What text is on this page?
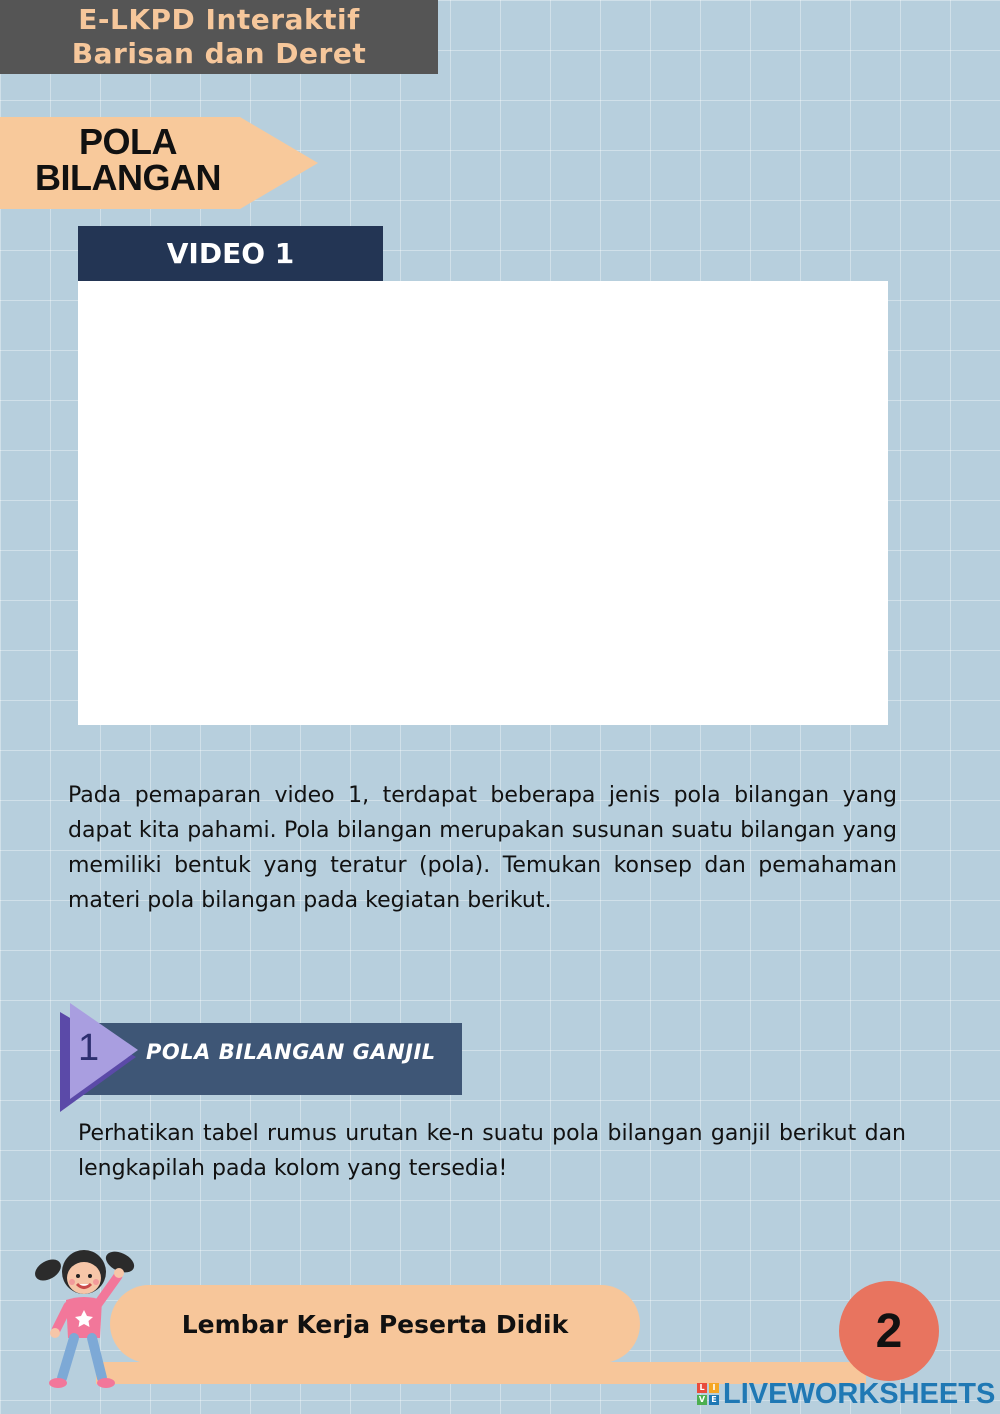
E-LKPD Interaktif
Barisan dan Deret
POLA
BILANGAN
VIDEO 1
Pada pemaparan video 1, terdapat beberapa jenis pola bilangan yang dapat kita pahami. Pola bilangan merupakan susunan suatu bilangan yang memiliki bentuk yang teratur (pola). Temukan konsep dan pemahaman materi pola bilangan pada kegiatan berikut.
1 POLA BILANGAN GANJIL
Perhatikan tabel rumus urutan ke-n suatu pola bilangan ganjil berikut dan lengkapilah pada kolom yang tersedia!
Lembar Kerja Peserta Didik	2
L I
V E LIVEWORKSHEETS
